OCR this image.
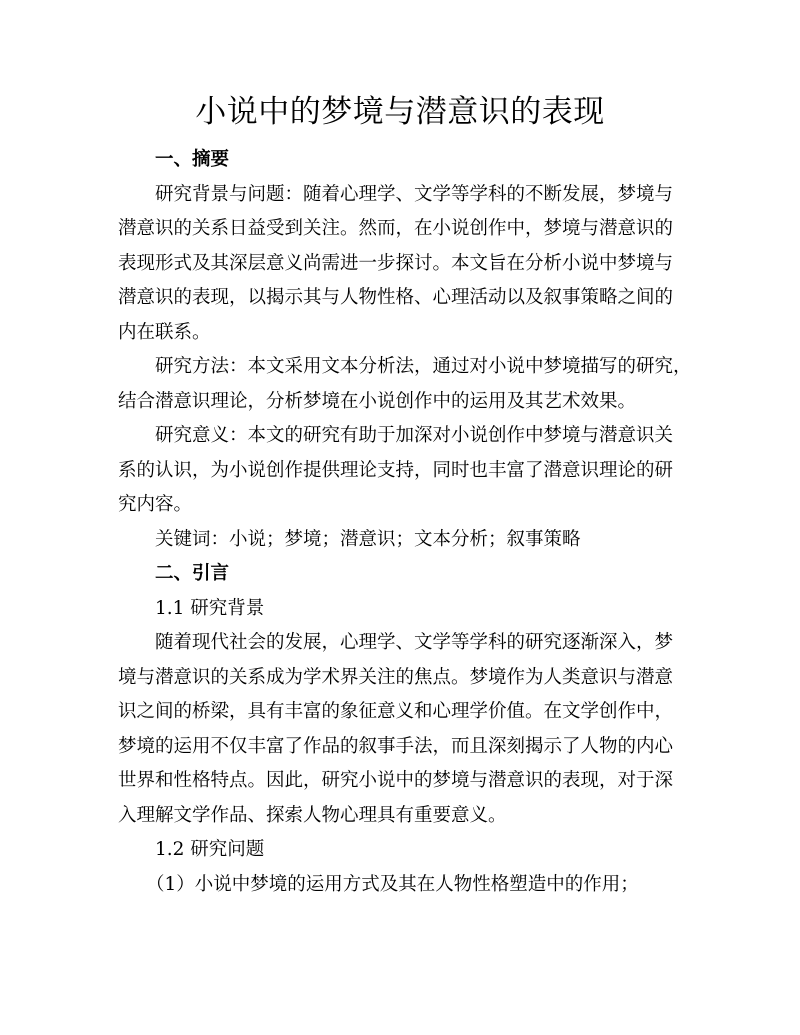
小说中的梦境与潜意识的表现
一、摘要
研究背景与问题：随着心理学、文学等学科的不断发展，梦境与
潜意识的关系日益受到关注。然而，在小说创作中，梦境与潜意识的
表现形式及其深层意义尚需进一步探讨。本文旨在分析小说中梦境与
潜意识的表现，以揭示其与人物性格、心理活动以及叙事策略之间的
内在联系。
研究方法：本文采用文本分析法，通过对小说中梦境描写的研究，
结合潜意识理论，分析梦境在小说创作中的运用及其艺术效果。
研究意义：本文的研究有助于加深对小说创作中梦境与潜意识关
系的认识，为小说创作提供理论支持，同时也丰富了潜意识理论的研
究内容。
关键词：小说；梦境；潜意识；文本分析；叙事策略
二、引言
1.1 研究背景
随着现代社会的发展，心理学、文学等学科的研究逐渐深入，梦
境与潜意识的关系成为学术界关注的焦点。梦境作为人类意识与潜意
识之间的桥梁，具有丰富的象征意义和心理学价值。在文学创作中，
梦境的运用不仅丰富了作品的叙事手法，而且深刻揭示了人物的内心
世界和性格特点。因此，研究小说中的梦境与潜意识的表现，对于深
入理解文学作品、探索人物心理具有重要意义。
1.2 研究问题
（1）小说中梦境的运用方式及其在人物性格塑造中的作用；
